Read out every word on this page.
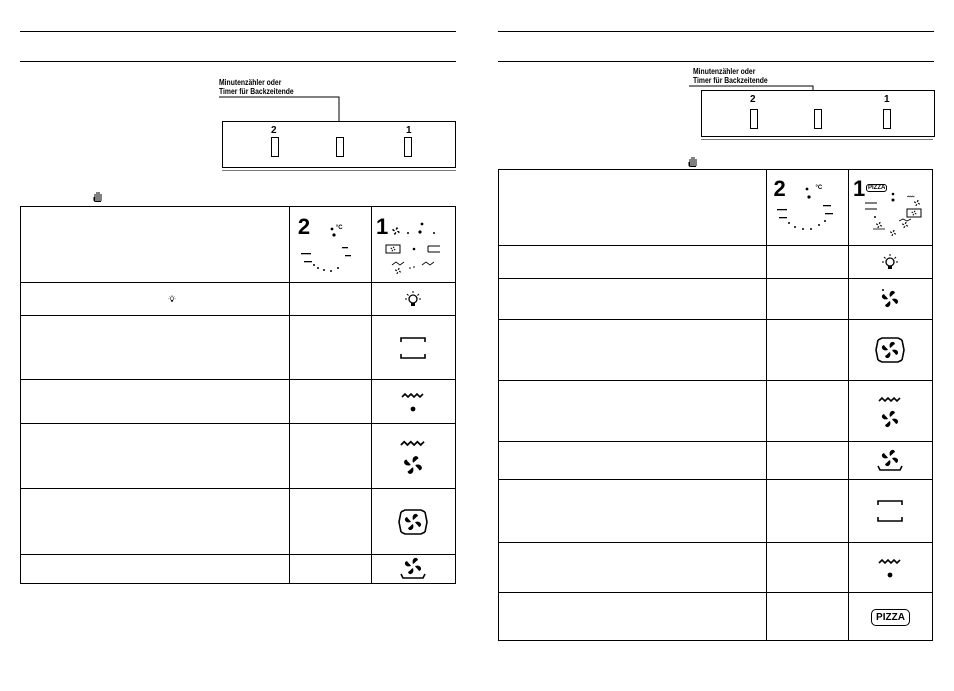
Minutenzähler oder
Timer für Backzeitende
2	1

	2 °C	1

Minutenzähler oder
Timer für Backzeitende
2	1

	2 °C	1 PIZZA

		PIZZA
